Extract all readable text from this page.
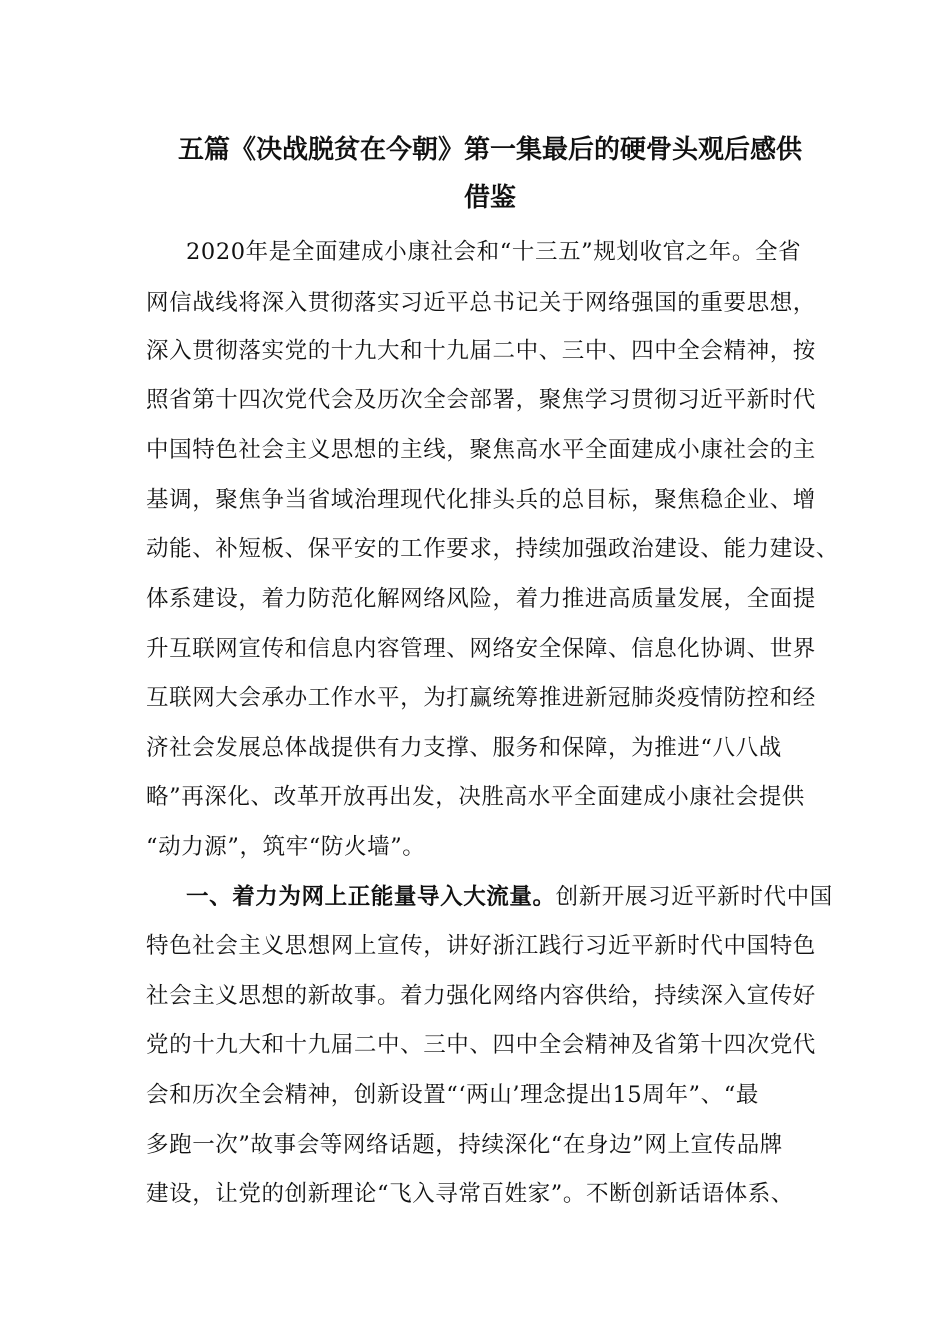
五篇《决战脱贫在今朝》第一集最后的硬骨头观后感供
借鉴
2020年是全面建成小康社会和“十三五”规划收官之年。全省
网信战线将深入贯彻落实习近平总书记关于网络强国的重要思想，
深入贯彻落实党的十九大和十九届二中、三中、四中全会精神，按
照省第十四次党代会及历次全会部署，聚焦学习贯彻习近平新时代
中国特色社会主义思想的主线，聚焦高水平全面建成小康社会的主
基调，聚焦争当省域治理现代化排头兵的总目标，聚焦稳企业、增
动能、补短板、保平安的工作要求，持续加强政治建设、能力建设、
体系建设，着力防范化解网络风险，着力推进高质量发展，全面提
升互联网宣传和信息内容管理、网络安全保障、信息化协调、世界
互联网大会承办工作水平，为打赢统筹推进新冠肺炎疫情防控和经
济社会发展总体战提供有力支撑、服务和保障，为推进“八八战
略”再深化、改革开放再出发，决胜高水平全面建成小康社会提供
“动力源”，筑牢“防火墙”。
一、着力为网上正能量导入大流量。创新开展习近平新时代中国
特色社会主义思想网上宣传，讲好浙江践行习近平新时代中国特色
社会主义思想的新故事。着力强化网络内容供给，持续深入宣传好
党的十九大和十九届二中、三中、四中全会精神及省第十四次党代
会和历次全会精神，创新设置“‘两山’理念提出15周年”、“最
多跑一次”故事会等网络话题，持续深化“在身边”网上宣传品牌
建设，让党的创新理论“飞入寻常百姓家”。不断创新话语体系、
